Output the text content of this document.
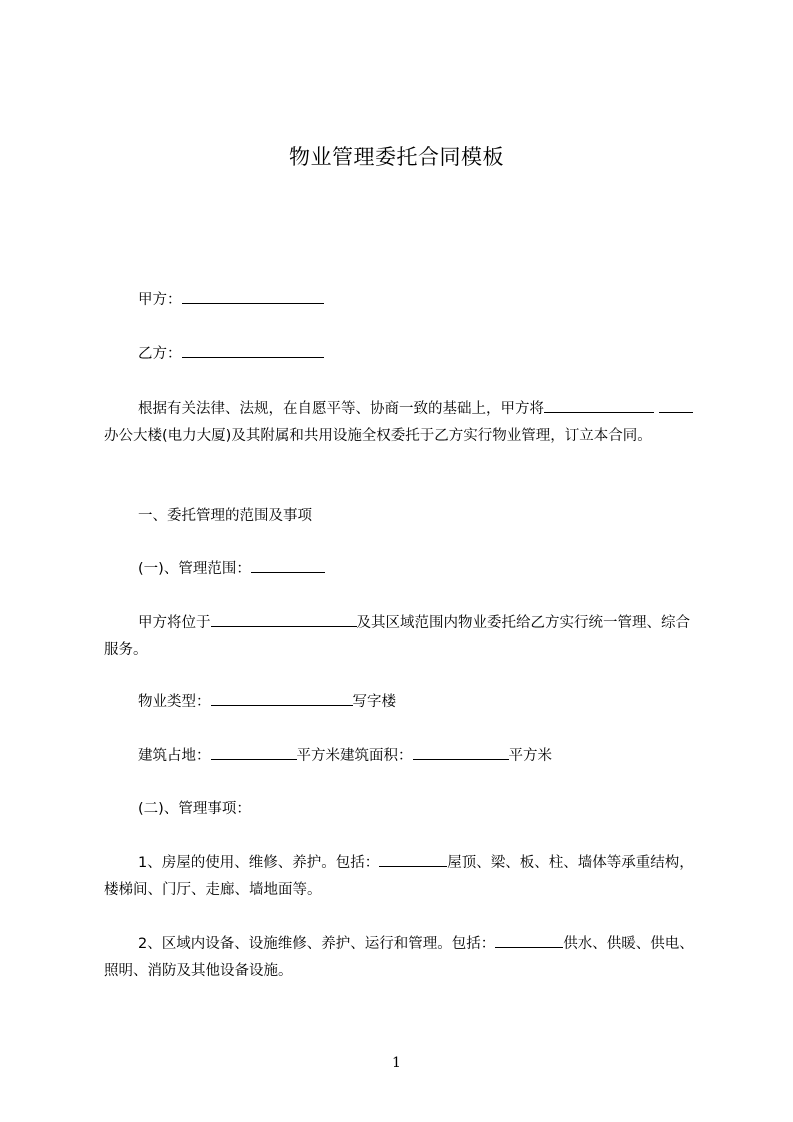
物业管理委托合同模板
甲方：
乙方：
根据有关法律、法规，在自愿平等、协商一致的基础上，甲方将 办公大楼(电力大厦)及其附属和共用设施全权委托于乙方实行物业管理，订立本合同。
一、委托管理的范围及事项
(一)、管理范围：
甲方将位于	及其区域范围内物业委托给乙方实行统一管理、综合服务。
物业类型：	写字楼
建筑占地：	平方米建筑面积：	平方米
(二)、管理事项：
1、房屋的使用、维修、养护。包括：	屋顶、梁、板、柱、墙体等承重结构，楼梯间、门厅、走廊、墙地面等。
2、区域内设备、设施维修、养护、运行和管理。包括：	供水、供暖、供电、照明、消防及其他设备设施。
1
